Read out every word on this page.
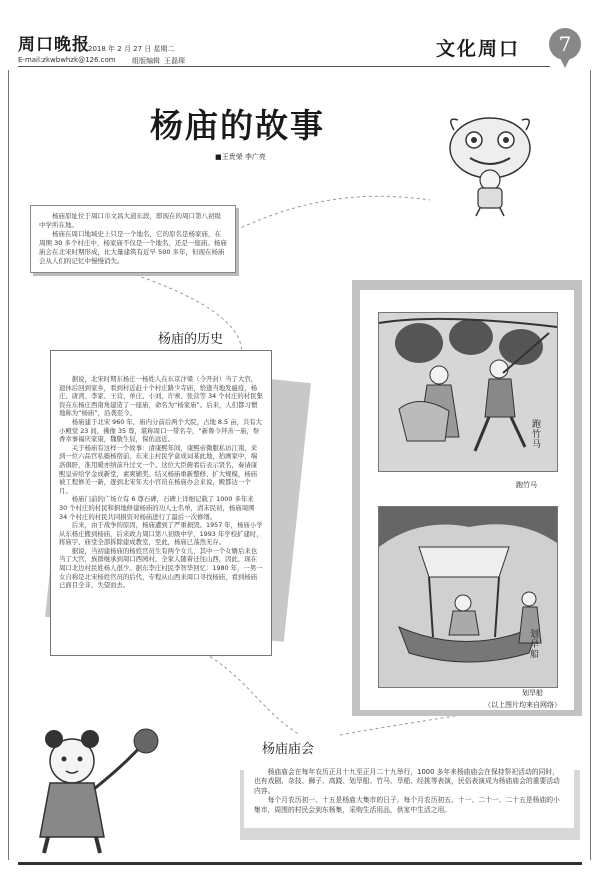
周口晚报
2018 年 2 月 27 日 星期二
E-mail:zkwbwhzk@126.com 组版编辑 王磊琛
文化周口	7
杨庙的故事
■王贵荣 李广亮

杨庙原址位于周口市文昌大道东段，即现在的周口第八初级中学所在地。

杨庙在周口地域史上只是一个地名，它的原名是杨家庙，在周围 30 多个村庄中，杨家庙不仅是一个地名，还是一座庙。杨庙庙会在北宋时期形成，比大量建筑有近早 500 多年，但现在杨庙会从人们的记忆中慢慢消失。

杨庙的历史

据说，北宋时期东杨庄一杨姓人在东京汴梁（今开封）当了大官，退休后回到家乡，看到村近赶十个村庄路少寺庙，恰逢当地发瘟疫，杨庄、唐湾、李家、王营、单庄、小刘、许寨、张营等 34 个村庄的村民集资在东杨庄西南角建造了一座庙，命名为“杨家庙”。后来，人们都习惯地称为“杨庙”，沿袭至今。

杨庙建于北宋 960 年，庙内分前后两个大院，占地 8.5 亩，共有大小殿堂 23 间，佛像 35 尊，堪称周口一带名寺，“新鲁今拜善一庙，祭香幸事福庆家康，魏敬生辰，保佑远近。

关于杨庙有这样一个故事：清康熙年间，康熙帝微服私访江南，来到一位六品官私塾杨宿前，东来主村民学盒成词某此地，抬画家中，端洛俱肝，准用暖亦纳前升过文一个。这位大臣俯看后表示贤名，奏请康熙皇帝给学金成新堂，素爽辅奖。结又杨庙重新整修、扩大规模，杨庙被工程修美一新，逐到北宋年大小官员在杨庙办会来说，殿都达一个月。

杨庙门前的广场立有 6 尊石碑，石碑上详细记载了 1000 多年来 30 个村庄的村民和捐地修建杨庙的功人士名单，清末民初，杨庙周围 34 个村庄的村民共同捐资对杨庙进行了最后一次修缮。

后来，由于战争的原因，杨庙遭到了严重损毁。1957 年，杨庙小学从东杨庄搬到杨庙，后来政力周口第八初级中学，1993 年学校扩建时，将庙宇、庙堂全部拆除建成教室，至此，杨庙已荡然无存。

据说，当初建杨庙的杨姓官员生有两个女儿，其中一个女婿后来也当了大官，族群继承到周口西园村，全家人随着迁往山西，因此，现在周口北边村民姓杨人很少。据东李庄村民李智华回忆：1980 年，一男一女自称是北宋杨姓官员的后代，专程从山西来周口寻找杨庙，看到杨庙已面目全非，失望而去。

跑竹马
跑竹马
划旱船
划旱船
（以上图片均来自网络）
杨庙庙会

杨庙庙会在每年农历正月十九至正月二十九举行，1000 多年来杨庙庙会在保持祭祀活动的同时，也有戏剧、杂技、狮子、高跷、划旱船、竹马、旱船、经挑等表演，民俗表演成为杨庙庙会的重要活动内容。

每个月农历初一、十五是杨庙大集市的日子，每个月农历初五、十一、二十一、二十五是杨庙的小集市，周围的村民会到东杨集，采购生活用品，供家中生活之用。
